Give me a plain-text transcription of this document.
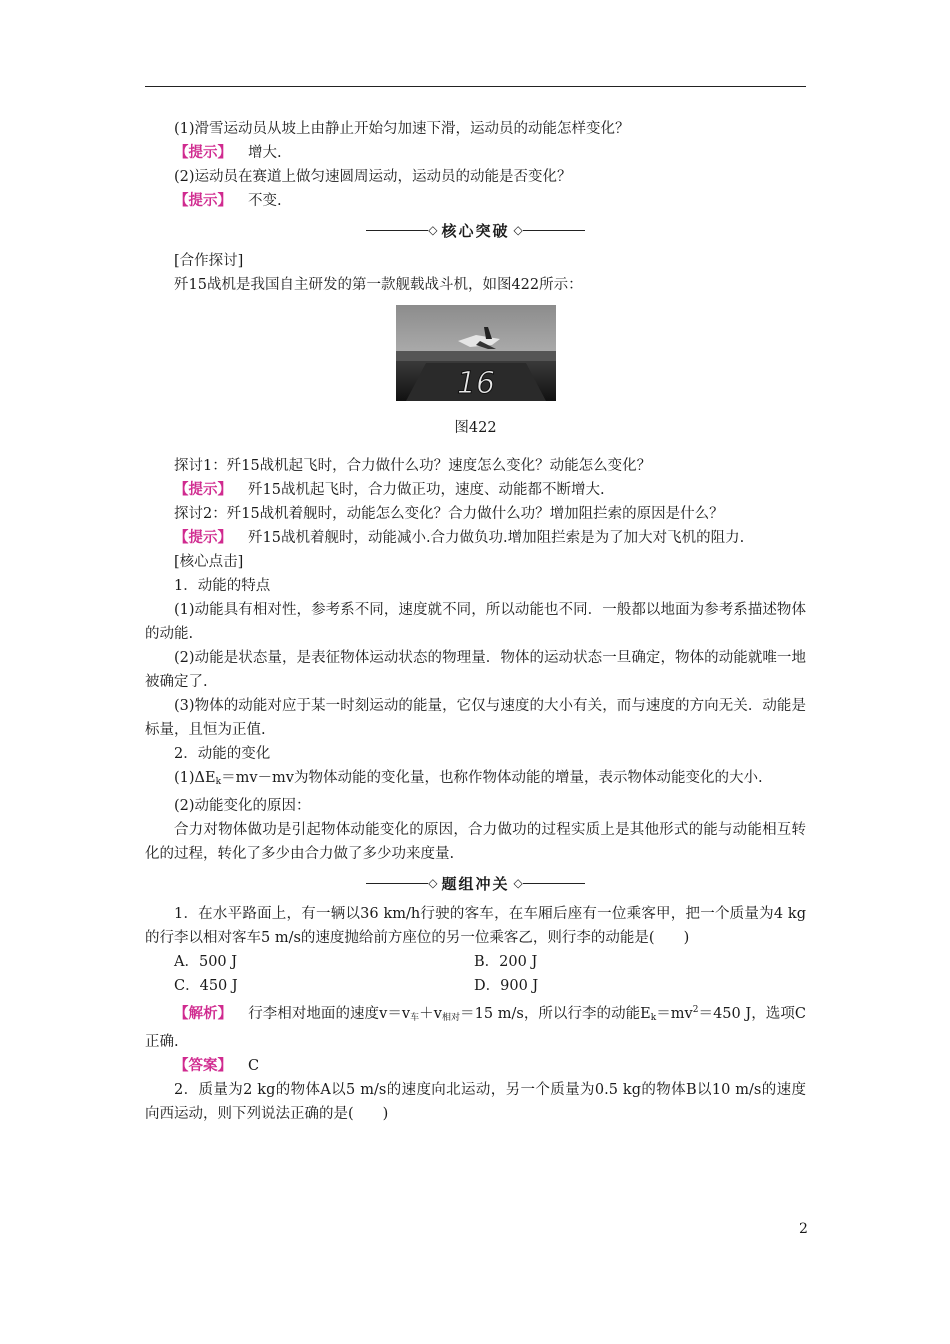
(1)滑雪运动员从坡上由静止开始匀加速下滑，运动员的动能怎样变化？

【提示】 增大.

(2)运动员在赛道上做匀速圆周运动，运动员的动能是否变化？

【提示】 不变.

◇ 核心突破 ◇

[合作探讨]

歼15战机是我国自主研发的第一款舰载战斗机，如图422所示：

16

图422

探讨1：歼15战机起飞时，合力做什么功？速度怎么变化？动能怎么变化？

【提示】 歼15战机起飞时，合力做正功，速度、动能都不断增大.

探讨2：歼15战机着舰时，动能怎么变化？合力做什么功？增加阻拦索的原因是什么？

【提示】 歼15战机着舰时，动能减小.合力做负功.增加阻拦索是为了加大对飞机的阻力.

[核心点击]

1．动能的特点

(1)动能具有相对性，参考系不同，速度就不同，所以动能也不同．一般都以地面为参考系描述物体的动能.

(2)动能是状态量，是表征物体运动状态的物理量．物体的运动状态一旦确定，物体的动能就唯一地被确定了.

(3)物体的动能对应于某一时刻运动的能量，它仅与速度的大小有关，而与速度的方向无关．动能是标量，且恒为正值.

2．动能的变化

$(1)\Delta E_k=mv-mv$为物体动能的变化量，也称作物体动能的增量，表示物体动能变化的大小.

(2)动能变化的原因：

合力对物体做功是引起物体动能变化的原因，合力做功的过程实质上是其他形式的能与动能相互转化的过程，转化了多少由合力做了多少功来度量.

◇ 题组冲关 ◇

1．在水平路面上，有一辆以36 km/h行驶的客车，在车厢后座有一位乘客甲，把一个质量为4 kg的行李以相对客车5 m/s的速度抛给前方座位的另一位乘客乙，则行李的动能是(　　)

A．500 J	B．200 J
C．450 J	D．900 J

【解析】 行李相对地面的速度$v=v_车+v_{相对}=15$ m/s，所以行李的动能$E_k=mv^2=450$ J，选项C正确.

【答案】 C

2．质量为2 kg的物体A以5 m/s的速度向北运动，另一个质量为0.5 kg的物体B以10 m/s的速度向西运动，则下列说法正确的是(　　)

2
